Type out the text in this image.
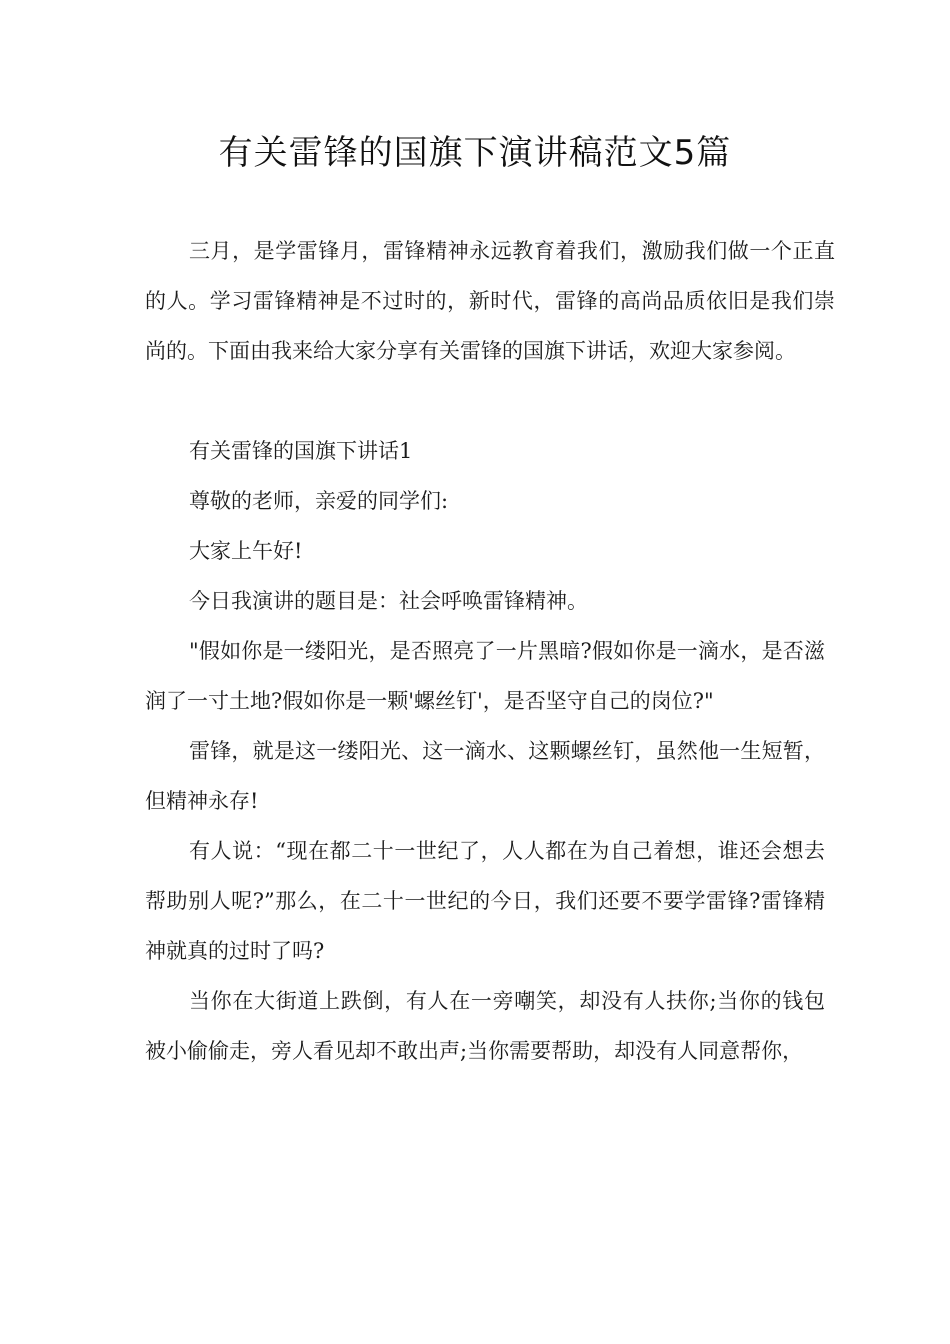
有关雷锋的国旗下演讲稿范文5篇

三月，是学雷锋月，雷锋精神永远教育着我们，激励我们做一个正直的人。学习雷锋精神是不过时的，新时代，雷锋的高尚品质依旧是我们崇尚的。下面由我来给大家分享有关雷锋的国旗下讲话，欢迎大家参阅。

有关雷锋的国旗下讲话1

尊敬的老师，亲爱的同学们:

大家上午好!

今日我演讲的题目是：社会呼唤雷锋精神。

"假如你是一缕阳光，是否照亮了一片黑暗?假如你是一滴水，是否滋润了一寸土地?假如你是一颗'螺丝钉'，是否坚守自己的岗位?"

雷锋，就是这一缕阳光、这一滴水、这颗螺丝钉，虽然他一生短暂，但精神永存!

有人说：“现在都二十一世纪了，人人都在为自己着想，谁还会想去帮助别人呢?”那么，在二十一世纪的今日，我们还要不要学雷锋?雷锋精神就真的过时了吗?

当你在大街道上跌倒，有人在一旁嘲笑，却没有人扶你;当你的钱包被小偷偷走，旁人看见却不敢出声;当你需要帮助，却没有人同意帮你，
